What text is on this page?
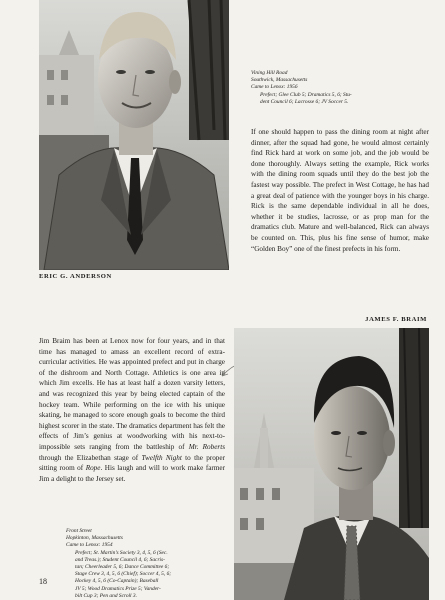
ERIC G. ANDERSON
Vining Hill Road
Southwick, Massachusetts
Came to Lenox: 1956
Prefect; Glee Club 5; Dramatics 5, 6; Stu-
dent Council 6; Lacrosse 6; JV Soccer 5.
If one should happen to pass the dining room at night after dinner, after the squad had gone, he would almost certainly find Rick hard at work on some job, and the job would be done thoroughly. Always setting the example, Rick works with the dining room squads until they do the best job the fastest way possible. The prefect in West Cottage, he has had a great deal of patience with the younger boys in his charge. Rick is the same dependable individual in all he does, whether it be studies, lacrosse, or as prop man for the dramatics club. Mature and well-balanced, Rick can always be counted on. This, plus his fine sense of humor, make “Golden Boy” one of the finest prefects in his form.
JAMES F. BRAIM
Jim Braim has been at Lenox now for four years, and in that time has managed to amass an excellent record of extra-curricular activities. He was appointed prefect and put in charge of the dishroom and North Cottage. Athletics is one area in which Jim excells. He has at least half a dozen varsity letters, and was recognized this year by being elected captain of the hockey team. While performing on the ice with his unique skating, he managed to score enough goals to become the third highest scorer in the state. The dramatics department has felt the effects of Jim’s genius at woodworking with his next-to-impossible sets ranging from the battleship of Mr. Roberts through the Elizabethan stage of Twelfth Night to the proper sitting room of Rope. His laugh and will to work make farmer Jim a delight to the Jersey set.
Front Street
Hopkinton, Massachusetts
Came to Lenox: 1954
Prefect; St. Martin’s Society 3, 4, 5, 6 (Sec.
and Treas.); Student Council 4, 6; Sacris-
tan; Cheerleader 5, 6; Dance Committee 6;
Stage Crew 3, 4, 5, 6 (Chief); Soccer 4, 5, 6;
Hockey 4, 5, 6 (Co-Captain); Baseball
JV 5; Wood Dramatics Prize 5; Vander-
bilt Cup 3; Pen and Scroll 3.
18
